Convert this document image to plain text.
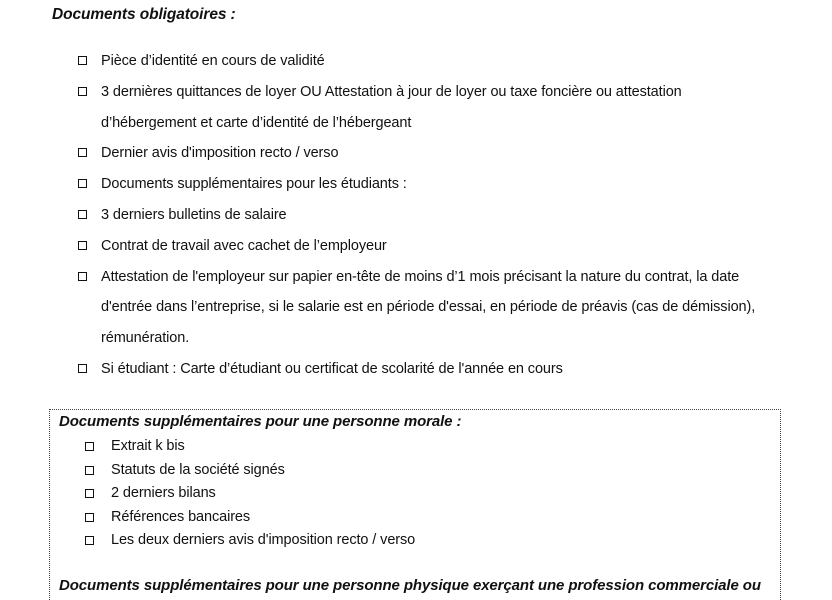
Documents obligatoires :
Pièce d’identité en cours de validité
3 dernières quittances de loyer OU Attestation à jour de loyer ou taxe foncière ou attestation d’hébergement et carte d’identité de l’hébergeant
Dernier avis d'imposition recto / verso
Documents supplémentaires pour les étudiants :
3 derniers bulletins de salaire
Contrat de travail avec cachet de l’employeur
Attestation de l'employeur sur papier en-tête de moins d’1 mois précisant la nature du contrat, la date d'entrée dans l’entreprise, si le salarie est en période d'essai, en période de préavis (cas de démission), rémunération.
Si étudiant : Carte d’étudiant ou certificat de scolarité de l'année en cours
Documents supplémentaires pour une personne morale :
Extrait k bis
Statuts de la société signés
2 derniers bilans
Références bancaires
Les deux derniers avis d'imposition recto / verso
Documents supplémentaires pour une personne physique exerçant une profession commerciale ou
